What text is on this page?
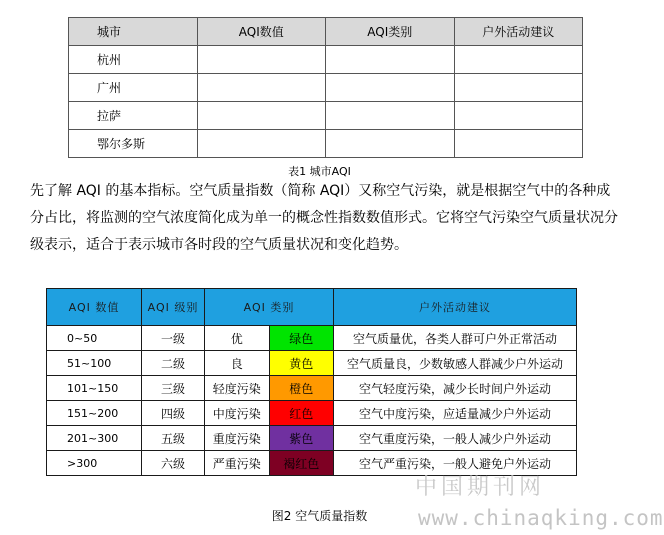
城市	AQI数值	AQI类别	户外活动建议
杭州			
广州			
拉萨			
鄂尔多斯			
表1 城市AQI

先了解 AQI 的基本指标。空气质量指数（简称 AQI）又称空气污染，就是根据空气中的各种成分占比，将监测的空气浓度简化成为单一的概念性指数数值形式。它将空气污染空气质量状况分级表示，适合于表示城市各时段的空气质量状况和变化趋势。

AQI 数值	AQI 级别	AQI 类别		户外活动建议
0~50	一级	优	绿色	空气质量优，各类人群可户外正常活动
51~100	二级	良	黄色	空气质量良，少数敏感人群减少户外运动
101~150	三级	轻度污染	橙色	空气轻度污染，减少长时间户外运动
151~200	四级	中度污染	红色	空气中度污染，应适量减少户外运动
201~300	五级	重度污染	紫色	空气重度污染，一般人减少户外运动
>300	六级	严重污染	褐红色	空气严重污染，一般人避免户外运动
图2 空气质量指数
中国期刊网
www.chinaqking.com
